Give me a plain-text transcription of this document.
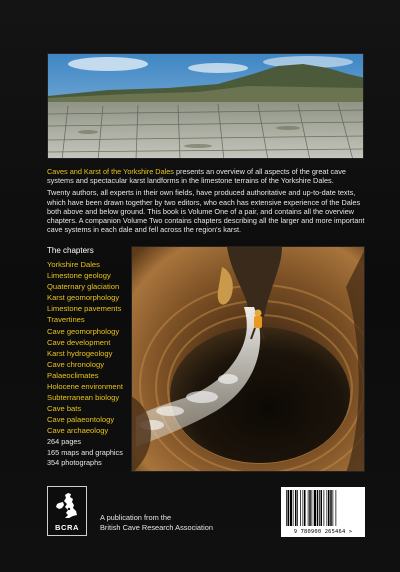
Caves and Karst of the Yorkshire Dales presents an overview of all aspects of the great cave systems and spectacular karst landforms in the limestone terrains of the Yorkshire Dales.

Twenty authors, all experts in their own fields, have produced authoritative and up-to-date texts, which have been drawn together by two editors, who each has extensive experience of the Dales both above and below ground. This book is Volume One of a pair, and contains all the overview chapters. A companion Volume Two contains chapters describing all the larger and more important cave systems in each dale and fell across the region's karst.

The chapters
Yorkshire Dales
Limestone geology
Quaternary glaciation
Karst geomorphology
Limestone pavements
Travertines
Cave geomorphology
Cave development
Karst hydrogeology
Cave chronology
Palaeoclimates
Holocene environment
Subterranean biology
Cave bats
Cave palaeontology
Cave archaeology
264 pages
165 maps and graphics
354 photographs
BCRA
A publication from the
British Cave Research Association	9 780900 265464 >
